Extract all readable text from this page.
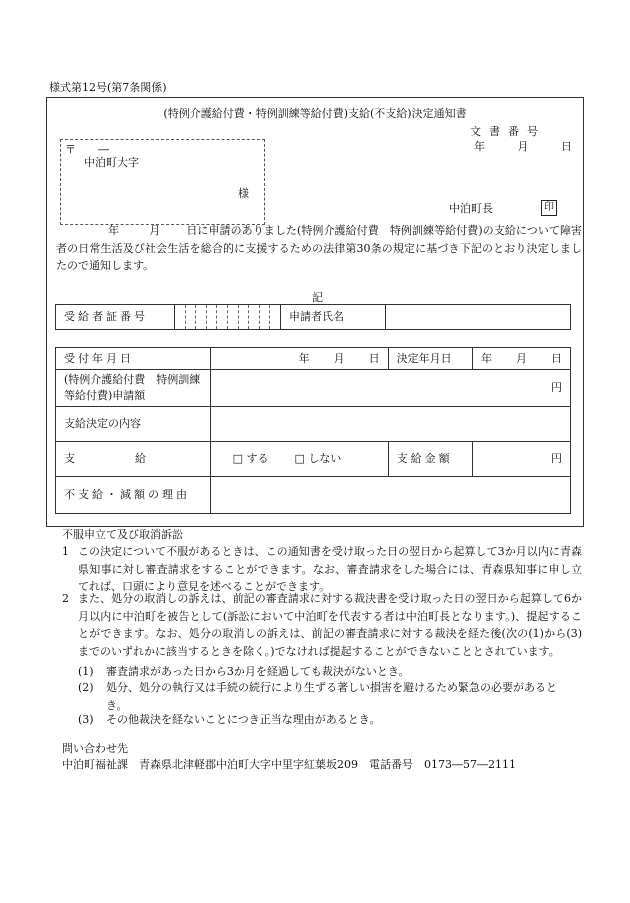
様式第12号(第7条関係)
(特例介護給付費・特例訓練等給付費)支給(不支給)決定通知書
文書番号
年	月	日
〒　　―
中泊町大字
様
中泊町長	印
年	月 日に申請のありました(特例介護給付費　特例訓練等給付費)の支給について障害者の日常生活及び社会生活を総合的に支援するための法律第30条の規定に基づき下記のとおり決定しましたので通知します。
記
受給者証番号											申請者氏名	
受付年月日	年 月 日	決定年月日	年 月 日
(特例介護給付費　特例訓練等給付費)申請額	円		
支給決定の内容			
支 給	□ する □ しない	支給金額	円
不支給・減額の理由			
不服申立て及び取消訴訟
1 この決定について不服があるときは、この通知書を受け取った日の翌日から起算して3か月以内に青森県知事に対し審査請求をすることができます。なお、審査請求をした場合には、青森県知事に申し立てれば、口頭により意見を述べることができます。
2 また、処分の取消しの訴えは、前記の審査請求に対する裁決書を受け取った日の翌日から起算して6か月以内に中泊町を被告として(訴訟において中泊町を代表する者は中泊町長となります。)、提起することができます。なお、処分の取消しの訴えは、前記の審査請求に対する裁決を経た後(次の(1)から(3)までのいずれかに該当するときを除く。)でなければ提起することができないこととされています。
(1)	審査請求があった日から3か月を経過しても裁決がないとき。
(2)	処分、処分の執行又は手続の続行により生ずる著しい損害を避けるため緊急の必要があるとき。
(3)	その他裁決を経ないことにつき正当な理由があるとき。
問い合わせ先
中泊町福祉課　青森県北津軽郡中泊町大字中里字紅葉坂209　電話番号　0173―57―2111
